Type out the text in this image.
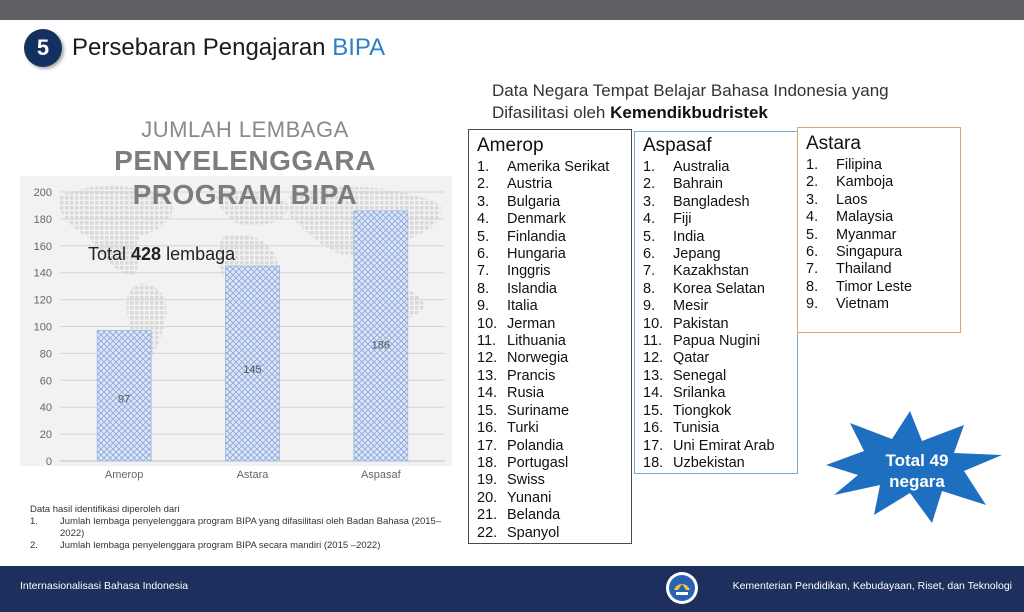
5 Persebaran Pengajaran BIPA
Data Negara Tempat Belajar Bahasa Indonesia yang
Difasilitasi oleh Kemendikbudristek
0
20
40
60
80
100
120
140
160
180
200
97
145
186
Amerop	Astara	Aspasaf
JUMLAH LEMBAGA
PENYELENGGARA
PROGRAM BIPA
Total 428 lembaga
Data hasil identifikasi diperoleh dari
1.	Jumlah lembaga penyelenggara program BIPA yang difasilitasi oleh Badan Bahasa (2015–2022)
2.	Jumlah lembaga penyelenggara program BIPA secara mandiri (2015 –2022)
Amerop
1.	Amerika Serikat
2.	Austria
3.	Bulgaria
4.	Denmark
5.	Finlandia
6.	Hungaria
7.	Inggris
8.	Islandia
9.	Italia
10. Jerman
11. Lithuania
12. Norwegia
13. Prancis
14. Rusia
15. Suriname
16. Turki
17. Polandia
18. Portugasl
19. Swiss
20. Yunani
21. Belanda
22. Spanyol
Aspasaf
1.	Australia
2.	Bahrain
3.	Bangladesh
4.	Fiji
5.	India
6.	Jepang
7.	Kazakhstan
8.	Korea Selatan
9.	Mesir
10. Pakistan
11. Papua Nugini
12. Qatar
13. Senegal
14. Srilanka
15. Tiongkok
16. Tunisia
17. Uni Emirat Arab
18. Uzbekistan
Astara
1.	Filipina
2.	Kamboja
3.	Laos
4.	Malaysia
5.	Myanmar
6.	Singapura
7.	Thailand
8.	Timor Leste
9.	Vietnam
Total 49
negara
Internasionalisasi Bahasa Indonesia	Kementerian Pendidikan, Kebudayaan, Riset, dan Teknologi
